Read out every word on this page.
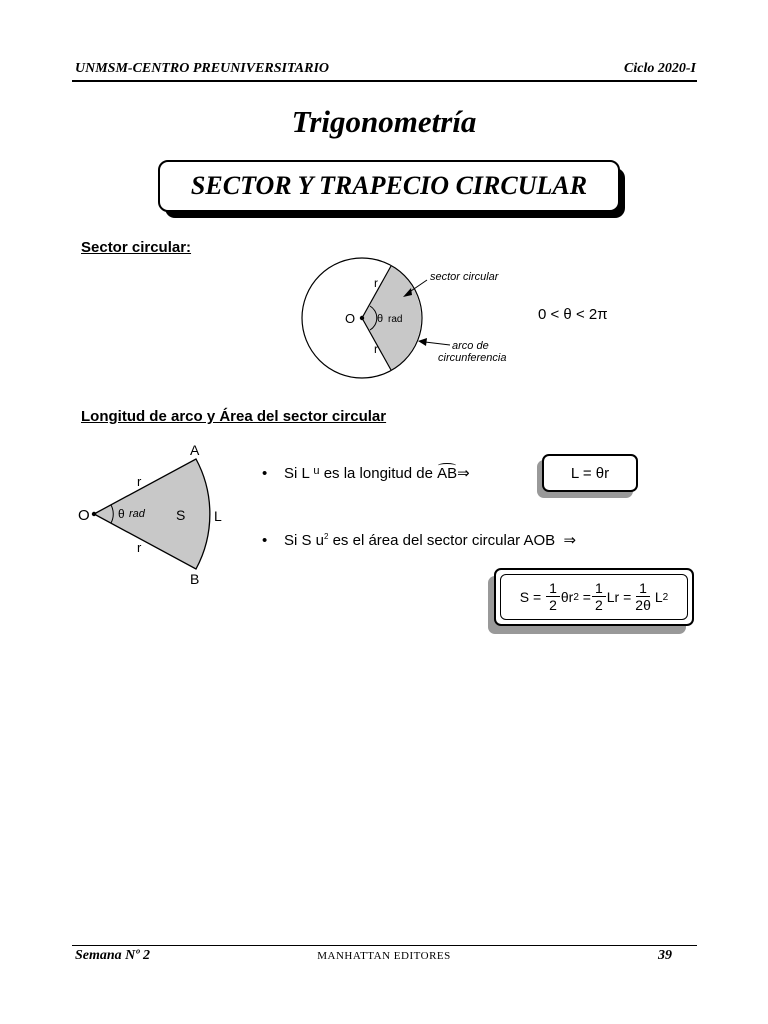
UNMSM-CENTRO PREUNIVERSITARIO	Ciclo 2020-I
Trigonometría
SECTOR Y TRAPECIO CIRCULAR
Sector circular:
O
r
r
θ rad
sector circular
arco de
circunferencia
0 < θ < 2π
Longitud de arco y Área del sector circular
A
B
O
r
r
θ rad S L
• Si L $^u$ es la longitud de AB⇒	L = θr
• Si S $u^2$ es el área del sector circular AOB ⇒
S =
$\frac{1}{2}$ θr 2
= $\frac{1}{2}$ $Lr = \frac{1}{2\theta}$ L 2
Semana Nº 2	MANHATTAN EDITORES	39
